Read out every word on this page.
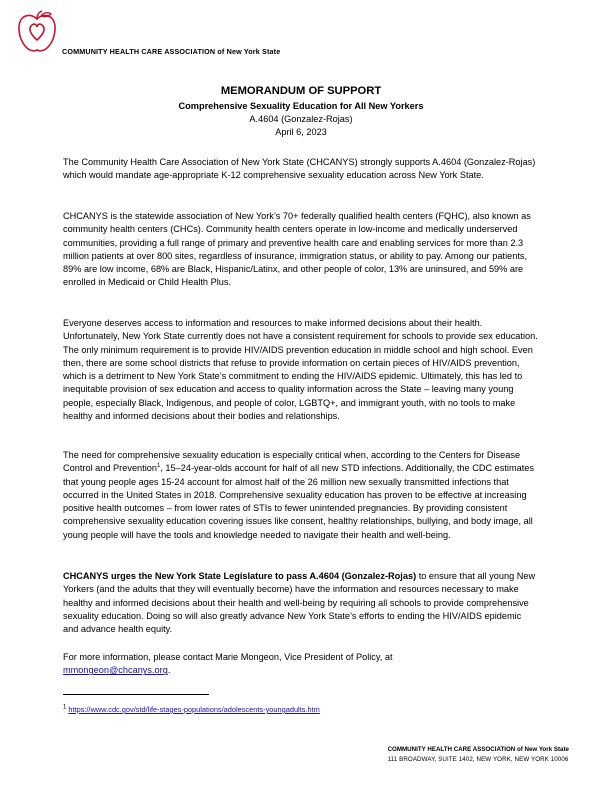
COMMUNITY HEALTH CARE ASSOCIATION of New York State
MEMORANDUM OF SUPPORT
Comprehensive Sexuality Education for All New Yorkers
A.4604 (Gonzalez-Rojas)
April 6, 2023

The Community Health Care Association of New York State (CHCANYS) strongly supports A.4604 (Gonzalez-Rojas) which would mandate age-appropriate K-12 comprehensive sexuality education across New York State.

CHCANYS is the statewide association of New York’s 70+ federally qualified health centers (FQHC), also known as community health centers (CHCs). Community health centers operate in low-income and medically underserved communities, providing a full range of primary and preventive health care and enabling services for more than 2.3 million patients at over 800 sites, regardless of insurance, immigration status, or ability to pay. Among our patients, 89% are low income, 68% are Black, Hispanic/Latinx, and other people of color, 13% are uninsured, and 59% are enrolled in Medicaid or Child Health Plus.

Everyone deserves access to information and resources to make informed decisions about their health. Unfortunately, New York State currently does not have a consistent requirement for schools to provide sex education. The only minimum requirement is to provide HIV/AIDS prevention education in middle school and high school. Even then, there are some school districts that refuse to provide information on certain pieces of HIV/AIDS prevention, which is a detriment to New York State’s commitment to ending the HIV/AIDS epidemic. Ultimately, this has led to inequitable provision of sex education and access to quality information across the State – leaving many young people, especially Black, Indigenous, and people of color, LGBTQ+, and immigrant youth, with no tools to make healthy and informed decisions about their bodies and relationships.

The need for comprehensive sexuality education is especially critical when, according to the Centers for Disease Control and Prevention$^1$, 15–24-year-olds account for half of all new STD infections. Additionally, the CDC estimates that young people ages 15-24 account for almost half of the 26 million new sexually transmitted infections that occurred in the United States in 2018. Comprehensive sexuality education has proven to be effective at increasing positive health outcomes – from lower rates of STIs to fewer unintended pregnancies. By providing consistent comprehensive sexuality education covering issues like consent, healthy relationships, bullying, and body image, all young people will have the tools and knowledge needed to navigate their health and well-being.

CHCANYS urges the New York State Legislature to pass A.4604 (Gonzalez-Rojas) to ensure that all young New Yorkers (and the adults that they will eventually become) have the information and resources necessary to make healthy and informed decisions about their health and well-being by requiring all schools to provide comprehensive sexuality education. Doing so will also greatly advance New York State’s efforts to ending the HIV/AIDS epidemic and advance health equity.

For more information, please contact Marie Mongeon, Vice President of Policy, at
mmongeon@chcanys.org.

$^1$ https://www.cdc.gov/std/life-stages-populations/adolescents-youngadults.htm
COMMUNITY HEALTH CARE ASSOCIATION of New York State
111 BROADWAY, SUITE 1402, NEW YORK, NEW YORK 10006
